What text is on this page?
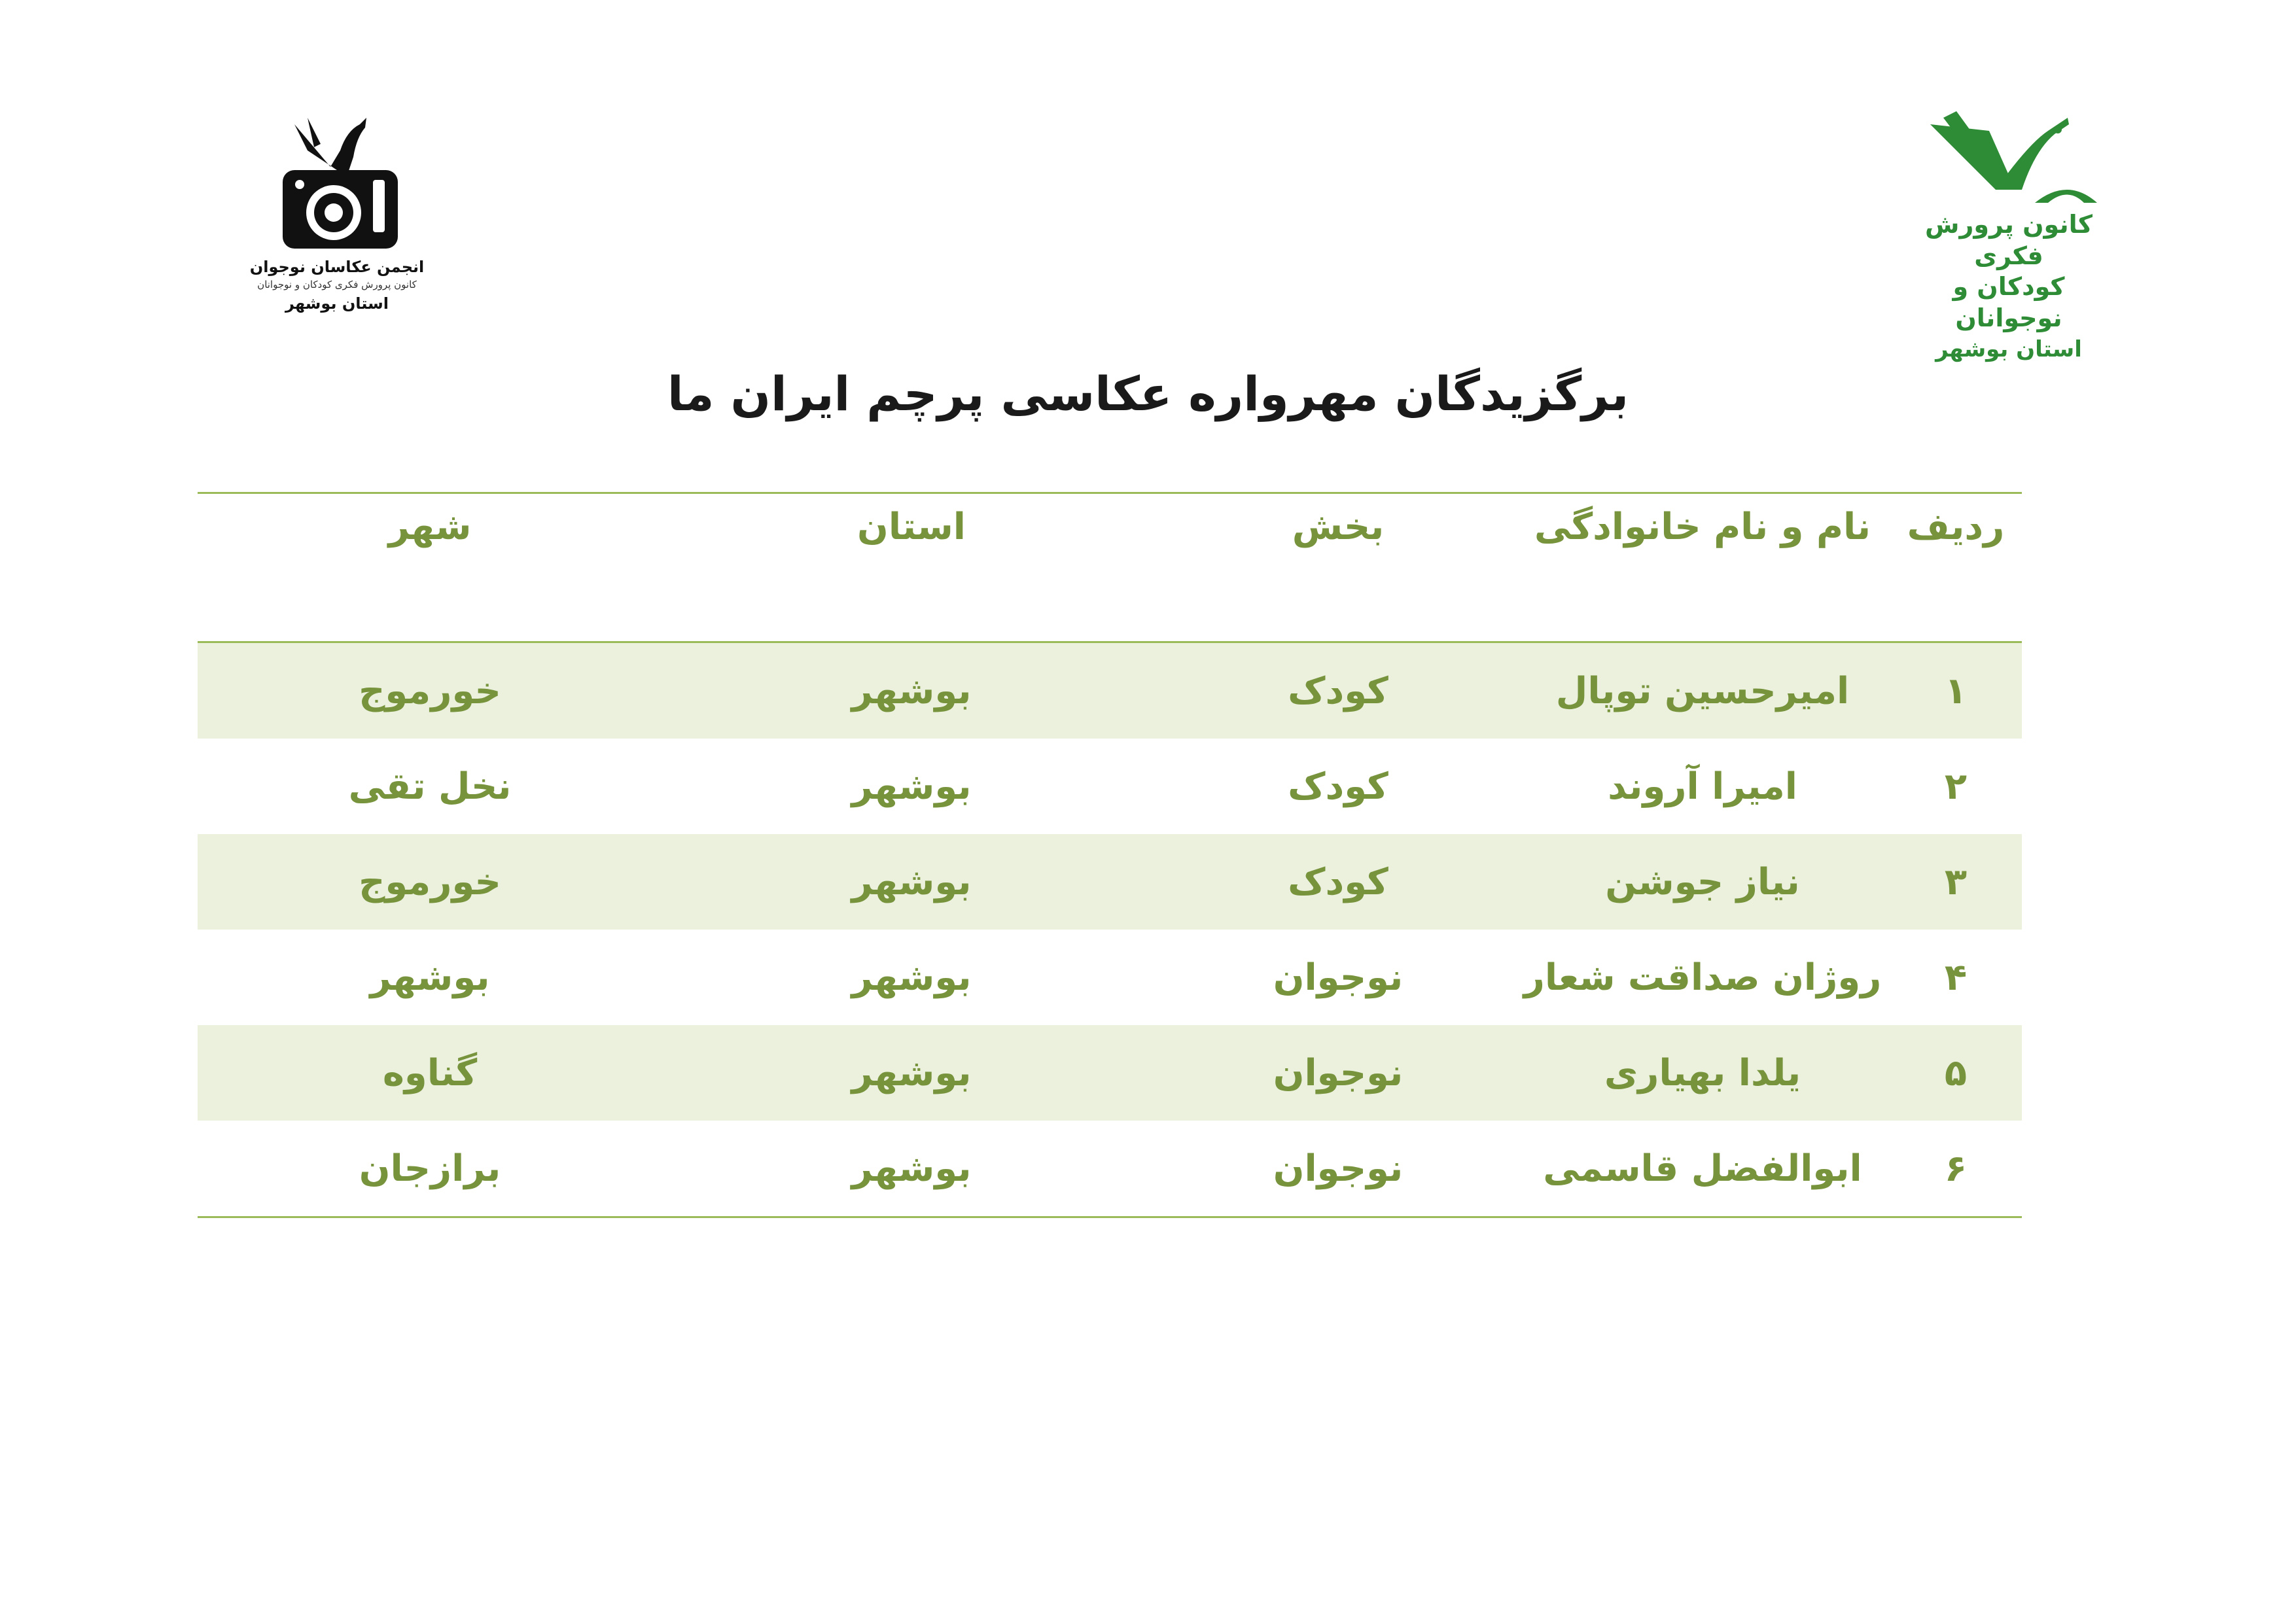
انجمن عکاسان نوجوان
کانون پرورش فکری کودکان و نوجوانان
استان بوشهر
کانون پرورش فکری
کودکان و نوجوانان
استان بوشهر
برگزیدگان مهرواره عکاسی پرچم ایران ما
ردیف	نام و نام خانوادگی	بخش	استان	شهر
۱	امیرحسین توپال	کودک	بوشهر	خورموج
۲	امیرا آروند	کودک	بوشهر	نخل تقی
۳	نیاز جوشن	کودک	بوشهر	خورموج
۴	روژان صداقت شعار	نوجوان	بوشهر	بوشهر
۵	یلدا بهیاری	نوجوان	بوشهر	گناوه
۶	ابوالفضل قاسمی	نوجوان	بوشهر	برازجان
